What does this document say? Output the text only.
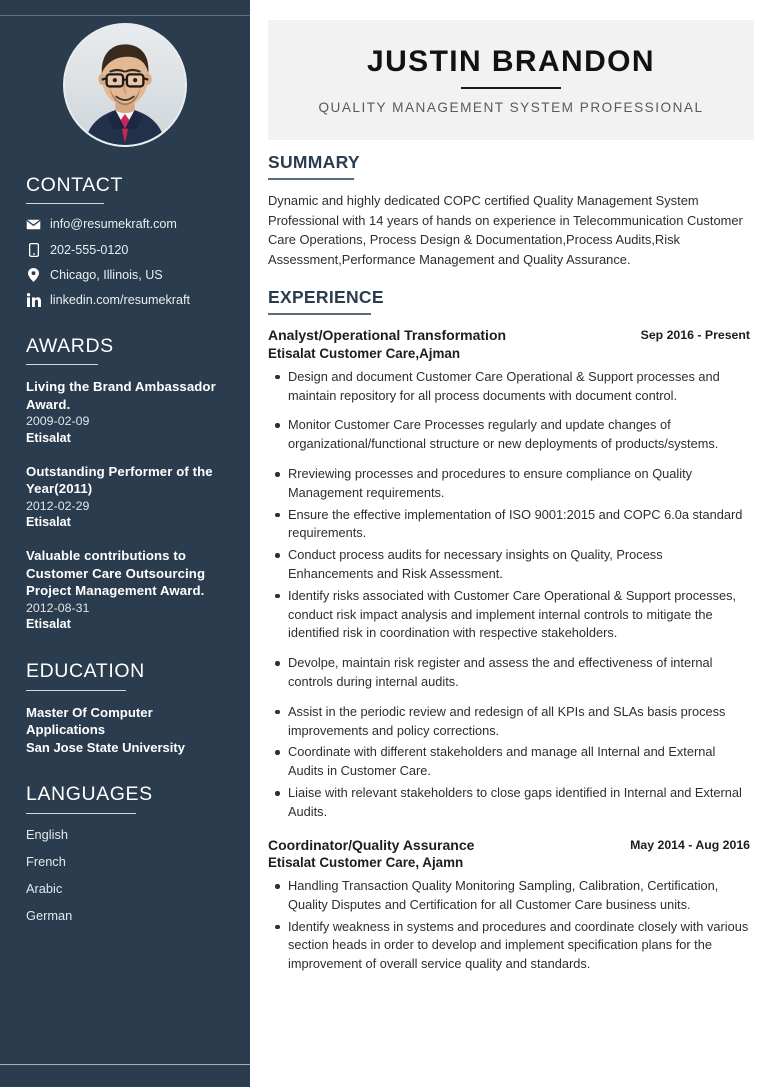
CONTACT
info@resumekraft.com
202-555-0120
Chicago, Illinois, US
linkedin.com/resumekraft
AWARDS
Living the Brand Ambassador Award.
2009-02-09
Etisalat
Outstanding Performer of the Year(2011)
2012-02-29
Etisalat
Valuable contributions to Customer Care Outsourcing Project Management Award.
2012-08-31
Etisalat
EDUCATION
Master Of Computer Applications
San Jose State University
LANGUAGES
English
French
Arabic
German
JUSTIN BRANDON
QUALITY MANAGEMENT SYSTEM PROFESSIONAL
SUMMARY

Dynamic and highly dedicated COPC certified Quality Management System Professional with 14 years of hands on experience in Telecommunication Customer Care Operations, Process Design & Documentation,Process Audits,Risk Assessment,Performance Management and Quality Assurance.

EXPERIENCE
Analyst/Operational Transformation
Etisalat Customer Care,Ajman
Sep 2016 - Present
Design and document Customer Care Operational & Support processes and maintain repository for all process documents with document control.
Monitor Customer Care Processes regularly and update changes of organizational/functional structure or new deployments of products/systems.
Rreviewing processes and procedures to ensure compliance on Quality Management requirements.
Ensure the effective implementation of ISO 9001:2015 and COPC 6.0a standard requirements.
Conduct process audits for necessary insights on Quality, Process Enhancements and Risk Assessment.
Identify risks associated with Customer Care Operational & Support processes, conduct risk impact analysis and implement internal controls to mitigate the identified risk in coordination with respective stakeholders.
Devolpe, maintain risk register and assess the and effectiveness of internal controls during internal audits.
Assist in the periodic review and redesign of all KPIs and SLAs basis process improvements and policy corrections.
Coordinate with different stakeholders and manage all Internal and External Audits in Customer Care.
Liaise with relevant stakeholders to close gaps identified in Internal and External Audits.
Coordinator/Quality Assurance
Etisalat Customer Care, Ajamn
May 2014 - Aug 2016
Handling Transaction Quality Monitoring Sampling, Calibration, Certification, Quality Disputes and Certification for all Customer Care business units.
Identify weakness in systems and procedures and coordinate closely with various section heads in order to develop and implement specification plans for the improvement of overall service quality and standards.
